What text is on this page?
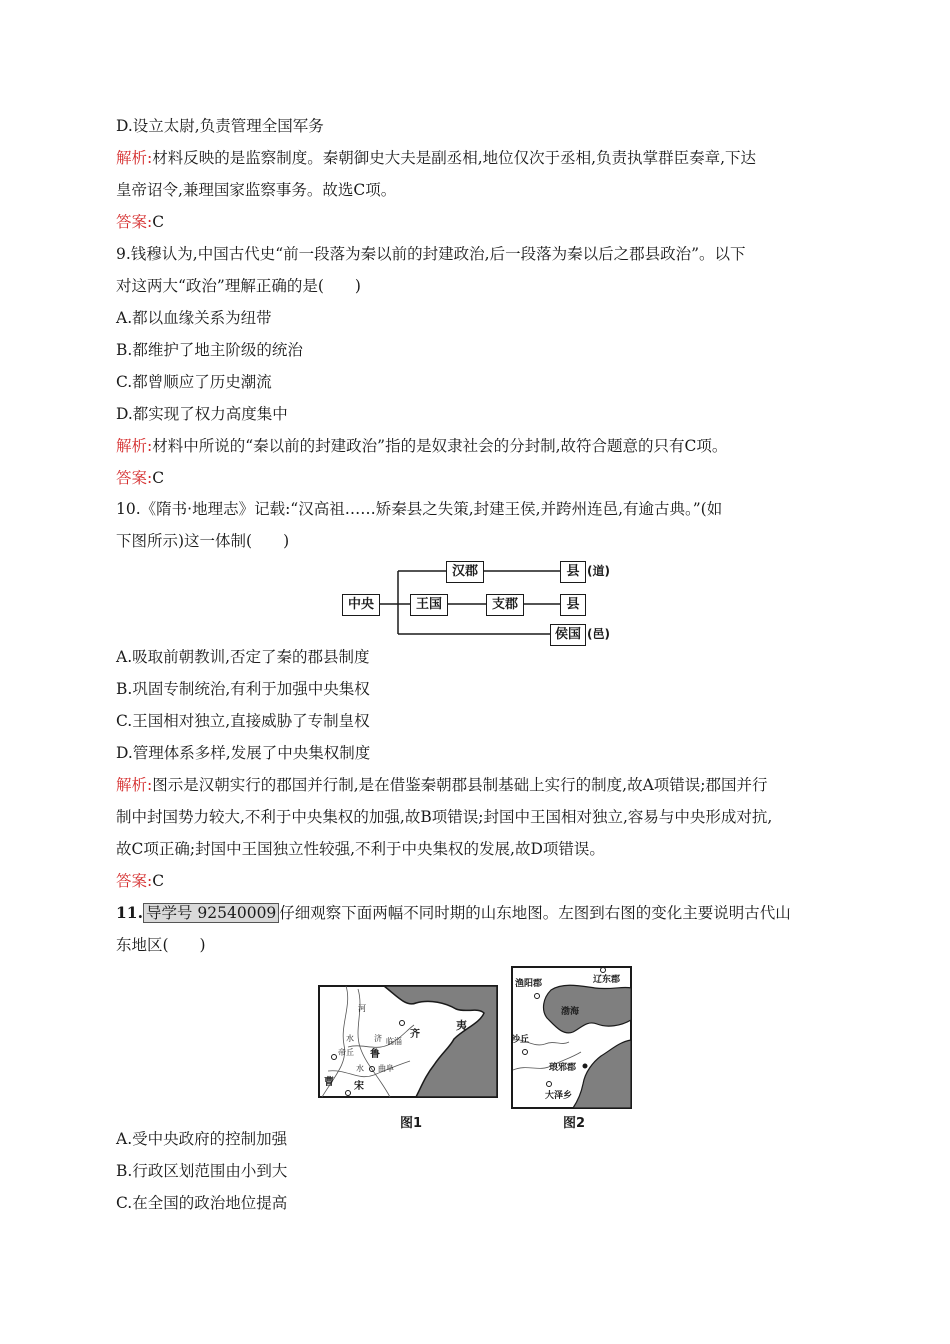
D.设立太尉,负责管理全国军务
解析:材料反映的是监察制度。秦朝御史大夫是副丞相,地位仅次于丞相,负责执掌群臣奏章,下达
皇帝诏令,兼理国家监察事务。故选C项。
答案:C
9.钱穆认为,中国古代史“前一段落为秦以前的封建政治,后一段落为秦以后之郡县政治”。以下
对这两大“政治”理解正确的是(　　)
A.都以血缘关系为纽带
B.都维护了地主阶级的统治
C.都曾顺应了历史潮流
D.都实现了权力高度集中
解析:材料中所说的“秦以前的封建政治”指的是奴隶社会的分封制,故符合题意的只有C项。
答案:C
10.《隋书·地理志》记载:“汉高祖……矫秦县之失策,封建王侯,并跨州连邑,有逾古典。”(如
下图所示)这一体制(　　)
中央
汉郡	县 (道)
王国	支郡	县
侯国 (邑)
A.吸取前朝教训,否定了秦的郡县制度
B.巩固专制统治,有利于加强中央集权
C.王国相对独立,直接威胁了专制皇权
D.管理体系多样,发展了中央集权制度
解析:图示是汉朝实行的郡国并行制,是在借鉴秦朝郡县制基础上实行的制度,故A项错误;郡国并行
制中封国势力较大,不利于中央集权的加强,故B项错误;封国中王国相对独立,容易与中央形成对抗,
故C项正确;封国中王国独立性较强,不利于中央集权的发展,故D项错误。
答案:C
11. 导学号 92540009 仔细观察下面两幅不同时期的山东地图。左图到右图的变化主要说明古代山
东地区(　　)
河
水	济 临淄
齐
帝丘 鲁
水 曲阜
曹 宋
夷
图1
渔阳郡	辽东郡
渤海
沙丘
琅邪郡
大泽乡
图2
A.受中央政府的控制加强
B.行政区划范围由小到大
C.在全国的政治地位提高
